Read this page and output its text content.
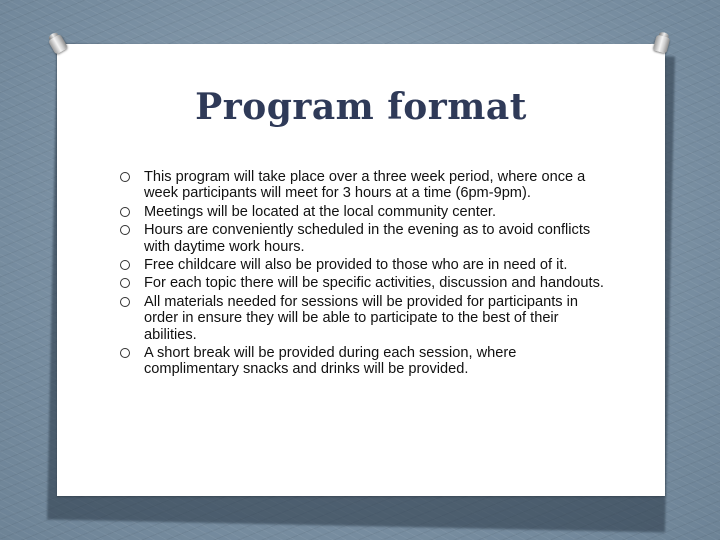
Program format
This program will take place over a three week period, where once a week participants will meet for 3 hours at a time (6pm-9pm).
Meetings will be located at the local community center.
Hours are conveniently scheduled in the evening as to avoid conflicts with daytime work hours.
Free childcare will also be provided to those who are in need of it.
For each topic there will be specific activities, discussion and handouts.
All materials needed for sessions will be provided for participants in order in ensure they will be able to participate to the best of their abilities.
A short break will be provided during each session, where complimentary snacks and drinks will be provided.
